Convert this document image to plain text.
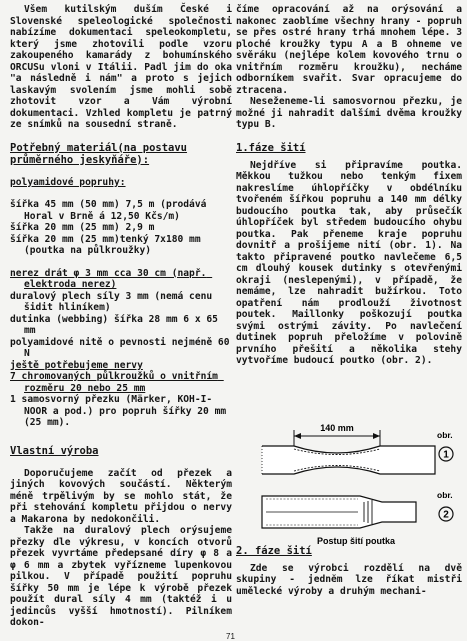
Všem kutilským duším České i Slovenské speleologické společnosti nabízíme dokumentaci speleokompletu, který jsme zhotovili podle vzoru zakoupeného kamarády z bohumínského ORCUSu vloni v Itálii. Padl jim do oka "a následně i nám" a proto s jejich laskavým svolením jsme mohli sobě zhotovit vzor a Vám výrobní dokumentaci. Vzhled kompletu je patrný ze snímků na sousední straně.

Potřebný materiál(na postavu průměrného jeskyňáře):

polyamidové popruhy:

šířka 45 mm (50 mm) 7,5 m (prodává Horal v Brně á 12,50 Kčs/m)

šířka 20 mm (25 mm) 2,9 m

šířka 20 mm (25 mm)tenký 7x180 mm (poutka na půlkroužky)

nerez drát φ 3 mm cca 30 cm (např. elektroda nerez)

duralový plech síly 3 mm (nemá cenu šidit hliníkem)

dutinka (webbing) šířka 28 mm 6 x 65 mm

polyamidové nitě o pevnosti nejméně 60 N

ještě potřebujeme nervy

7 chromovaných půlkroužků o vnitřním rozměru 20 nebo 25 mm

1 samosvorný přezku (Märker, KOH-I-NOOR a pod.) pro popruh šířky 20 mm (25 mm).

Vlastní výroba

Doporučujeme začít od přezek a jiných kovových součástí. Některým méně trpělivým by se mohlo stát, že při stehování kompletu přijdou o nervy a Makarona by nedokončili.

Takže na duralový plech orýsujeme přezky dle výkresu, v koncích otvorů přezek vyvrtáme předepsané díry φ 8 a φ 6 mm a zbytek vyřízneme lupenkovou pilkou. V případě použití popruhu šířky 50 mm je lépe k výrobě přezek použít dural síly 4 mm (taktéž i u jedincůs vyšší hmotností). Pilníkem dokon-

číme opracování až na orýsování a nakonec zaoblíme všechny hrany - popruh se přes ostré hrany trhá mnohem lépe. 3 ploché kroužky typu A a B ohneme ve svěráku (nejlépe kolem kovového trnu o vnitřním rozměru kroužku), necháme odborníkem svařit. Svar opracujeme do ztracena.

Neseženeme-li samosvornou přezku, je možné ji nahradit dalšími dvěma kroužky typu B.

1.fáze šití

Nejdříve si připravíme poutka. Měkkou tužkou nebo tenkým fixem nakreslíme úhlopříčky v obdélníku tvořeném šířkou popruhu a 140 mm délky budoucího poutka tak, aby průsečík úhlopříček byl středem budoucího ohybu poutka. Pak přeneme kraje popruhu dovnitř a prošijeme nití (obr. 1). Na takto připravené poutko navlečeme 6,5 cm dlouhý kousek dutinky s otevřenými okraji (neslepenými), v případě, že nemáme, lze nahradit bužírkou. Toto opatření nám prodlouží životnost poutek. Maillonky poškozují poutka svými ostrými závity. Po navlečení dutinek popruh přeložíme v polovině prvního přešití a několika stehy vytvoříme budoucí poutko (obr. 2).

2. fáze šití

Zde se výrobci rozdělí na dvě skupiny - jednĕm lze říkat mistři umělecké výroby a druhým mechani-

140 mm
obr.
1
obr.
2
Postup šití poutka
71
